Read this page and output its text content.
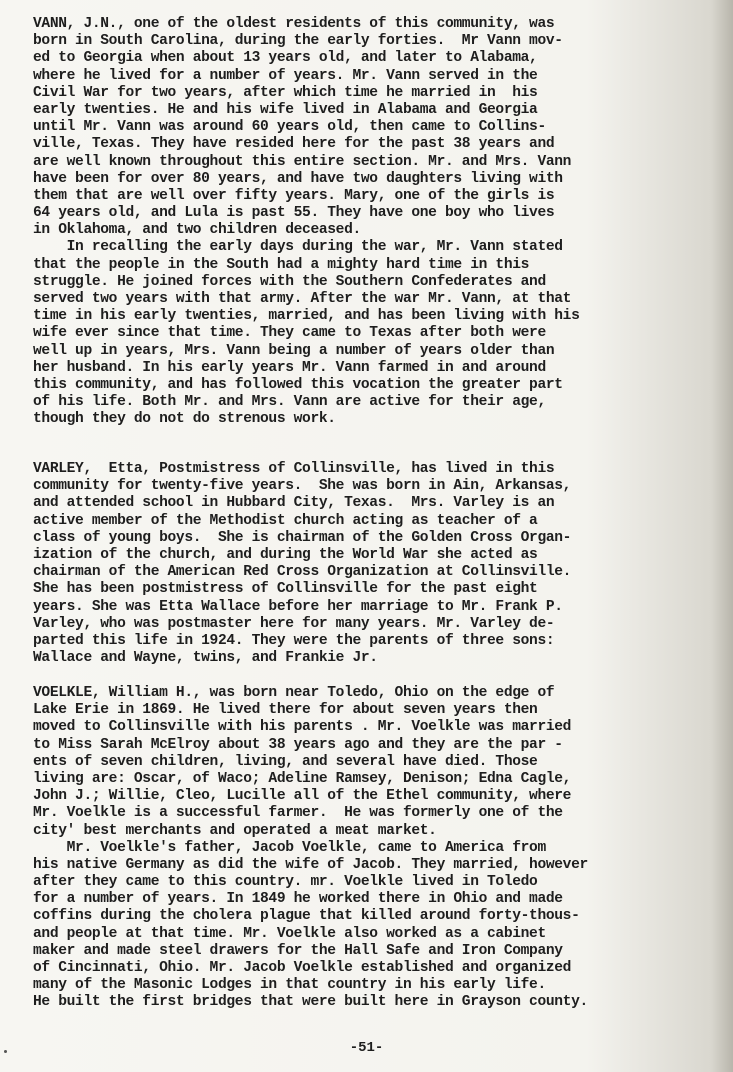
VANN, J.N., one of the oldest residents of this community, was
born in South Carolina, during the early forties.  Mr Vann mov-
ed to Georgia when about 13 years old, and later to Alabama,
where he lived for a number of years. Mr. Vann served in the
Civil War for two years, after which time he married in  his
early twenties. He and his wife lived in Alabama and Georgia
until Mr. Vann was around 60 years old, then came to Collins-
ville, Texas. They have resided here for the past 38 years and
are well known throughout this entire section. Mr. and Mrs. Vann
have been for over 80 years, and have two daughters living with
them that are well over fifty years. Mary, one of the girls is
64 years old, and Lula is past 55. They have one boy who lives
in Oklahoma, and two children deceased.
In recalling the early days during the war, Mr. Vann stated
that the people in the South had a mighty hard time in this
struggle. He joined forces with the Southern Confederates and
served two years with that army. After the war Mr. Vann, at that
time in his early twenties, married, and has been living with his
wife ever since that time. They came to Texas after both were
well up in years, Mrs. Vann being a number of years older than
her husband. In his early years Mr. Vann farmed in and around
this community, and has followed this vocation the greater part
of his life. Both Mr. and Mrs. Vann are active for their age,
though they do not do strenous work.
VARLEY,  Etta, Postmistress of Collinsville, has lived in this
community for twenty-five years.  She was born in Ain, Arkansas,
and attended school in Hubbard City, Texas.  Mrs. Varley is an
active member of the Methodist church acting as teacher of a
class of young boys.  She is chairman of the Golden Cross Organ-
ization of the church, and during the World War she acted as
chairman of the American Red Cross Organization at Collinsville.
She has been postmistress of Collinsville for the past eight
years. She was Etta Wallace before her marriage to Mr. Frank P.
Varley, who was postmaster here for many years. Mr. Varley de-
parted this life in 1924. They were the parents of three sons:
Wallace and Wayne, twins, and Frankie Jr.
VOELKLE, William H., was born near Toledo, Ohio on the edge of
Lake Erie in 1869. He lived there for about seven years then
moved to Collinsville with his parents . Mr. Voelkle was married
to Miss Sarah McElroy about 38 years ago and they are the par -
ents of seven children, living, and several have died. Those
living are: Oscar, of Waco; Adeline Ramsey, Denison; Edna Cagle,
John J.; Willie, Cleo, Lucille all of the Ethel community, where
Mr. Voelkle is a successful farmer.  He was formerly one of the
city' best merchants and operated a meat market.
Mr. Voelkle's father, Jacob Voelkle, came to America from
his native Germany as did the wife of Jacob. They married, however
after they came to this country. mr. Voelkle lived in Toledo
for a number of years. In 1849 he worked there in Ohio and made
coffins during the cholera plague that killed around forty-thous-
and people at that time. Mr. Voelkle also worked as a cabinet
maker and made steel drawers for the Hall Safe and Iron Company
of Cincinnati, Ohio. Mr. Jacob Voelkle established and organized
many of the Masonic Lodges in that country in his early life.
He built the first bridges that were built here in Grayson county.
-51-
